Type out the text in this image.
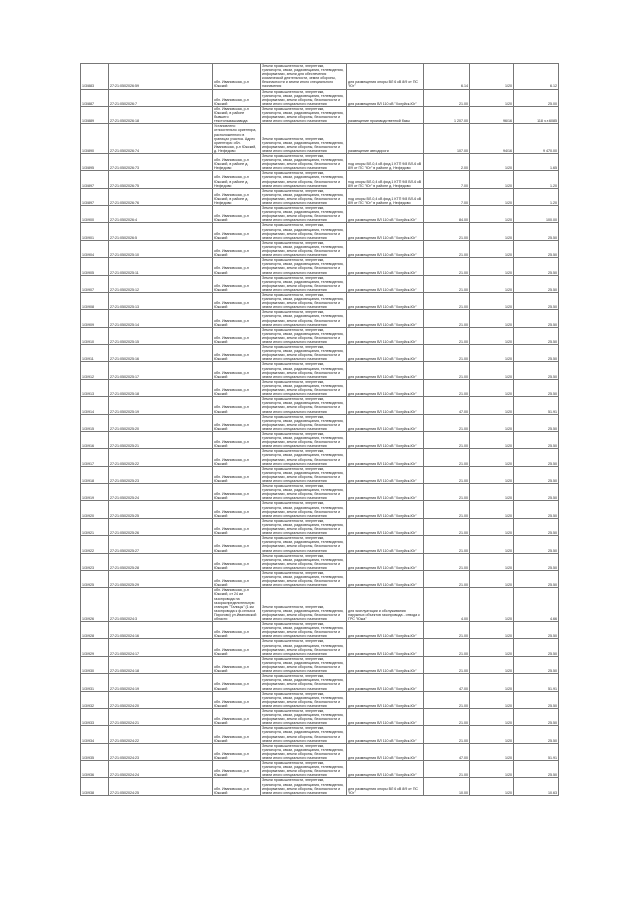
1/3/883	27:21:0502026:59	обл. Ивановская, р-н Южский	Земли промышленности, энергетики, транспорта, связи, радиовещания, телевидения, информатики, земли для обеспечения космической деятельности, земли обороны, безопасности и земли иного специального назначения	для размещения опоры ВЛ 6 кВ 8/9 от ПС "Юг"	6.14	1/20	6.12
1/3/887	27:21:0502026:7	обл. Ивановская, р-н Южский	Земли промышленности, энергетики, транспорта, связи, радиовещания, телевидения, информатики, земли обороны, безопасности и земли иного специального назначения	для размещения ВЛ 110 кВ "Холуйск-Юг"	21.00	1/20	25.00
1/3/889	27:21:0502026:18	обл. Ивановская, р-н Южский, в районе бывшего текстильмашзавода	Земли промышленности, энергетики, транспорта, связи, радиовещания, телевидения, информатики, земли обороны, безопасности и земли иного специального назначения	размещение производственной базы	1 207.00	96/16	118 ч.т.6085
1/3/890	27:21:0502026:74	Установлено относительно ориентира, расположенного в границах участка. Адрес ориентира: обл. Ивановская, р-н Южский, д. Нефедово	Земли промышленности, энергетики, транспорта, связи, радиовещания, телевидения, информатики, земли обороны, безопасности и земли иного специального назначения	размещение автодороги	107.00	94/16	9 470.00
1/3/895	27:21:0502026:73	обл. Ивановская, р-н Южский, в районе д. Нефедово	Земли промышленности, энергетики, транспорта, связи, радиовещания, телевидения, информатики, земли обороны, безопасности и земли иного специального назначения	под опоры ВЛ-0,4 кВ фид.1 КТП 9/8 ВЛ-6 кВ 8/9 от ПС "Юг" в районе д. Нефедово	2.00	1/20	1.65
1/3/897	27:21:0502026:75	обл. Ивановская, р-н Южский, в районе д. Нефедово	Земли промышленности, энергетики, транспорта, связи, радиовещания, телевидения, информатики, земли обороны, безопасности и земли иного специального назначения	под опоры ВЛ-0,4 кВ фид.1 КТП 9/8 ВЛ-6 кВ 8/9 от ПС "Юг" в районе д. Нефедово	7.00	1/20	1.20
1/3/897	27:21:0502026:76	обл. Ивановская, р-н Южский, в районе д. Нефедово	Земли промышленности, энергетики, транспорта, связи, радиовещания, телевидения, информатики, земли обороны, безопасности и земли иного специального назначения	под опоры ВЛ-0,4 кВ фид.1 КТП 9/8 ВЛ-6 кВ 8/9 от ПС "Юг" в районе д. Нефедово	7.00	1/20	1.20
1/3/900	27:21:0502026:4	обл. Ивановская, р-н Южский	Земли промышленности, энергетики, транспорта, связи, радиовещания, телевидения, информатики, земли обороны, безопасности и земли иного специального назначения	для размещения ВЛ 110 кВ "Холуйск-Юг"	84.00	1/20	100.00
1/3/901	27:21:0502026:5	обл. Ивановская, р-н Южский	Земли промышленности, энергетики, транспорта, связи, радиовещания, телевидения, информатики, земли обороны, безопасности и земли иного специального назначения	для размещения ВЛ 110 кВ "Холуйск-Юг"	21.00	1/20	25.50
1/3/904	27:21:0502025:10	обл. Ивановская, р-н Южский	Земли промышленности, энергетики, транспорта, связи, радиовещания, телевидения, информатики, земли обороны, безопасности и земли иного специального назначения	для размещения ВЛ 110 кВ "Холуйск-Юг"	21.00	1/20	25.50
1/3/905	27:21:0502025:11	обл. Ивановская, р-н Южский	Земли промышленности, энергетики, транспорта, связи, радиовещания, телевидения, информатики, земли обороны, безопасности и земли иного специального назначения	для размещения ВЛ 110 кВ "Холуйск-Юг"	21.00	1/20	25.50
1/3/907	27:21:0502025:12	обл. Ивановская, р-н Южский	Земли промышленности, энергетики, транспорта, связи, радиовещания, телевидения, информатики, земли обороны, безопасности и земли иного специального назначения	для размещения ВЛ 110 кВ "Холуйск-Юг"	21.00	1/20	25.50
1/3/908	27:21:0502025:13	обл. Ивановская, р-н Южский	Земли промышленности, энергетики, транспорта, связи, радиовещания, телевидения, информатики, земли обороны, безопасности и земли иного специального назначения	для размещения ВЛ 110 кВ "Холуйск-Юг"	21.00	1/20	25.50
1/3/909	27:21:0502025:14	обл. Ивановская, р-н Южский	Земли промышленности, энергетики, транспорта, связи, радиовещания, телевидения, информатики, земли обороны, безопасности и земли иного специального назначения	для размещения ВЛ 110 кВ "Холуйск-Юг"	21.00	1/20	25.50
1/3/910	27:21:0502025:15	обл. Ивановская, р-н Южский	Земли промышленности, энергетики, транспорта, связи, радиовещания, телевидения, информатики, земли обороны, безопасности и земли иного специального назначения	для размещения ВЛ 110 кВ "Холуйск-Юг"	21.00	1/20	25.50
1/3/911	27:21:0502025:16	обл. Ивановская, р-н Южский	Земли промышленности, энергетики, транспорта, связи, радиовещания, телевидения, информатики, земли обороны, безопасности и земли иного специального назначения	для размещения ВЛ 110 кВ "Холуйск-Юг"	21.00	1/20	25.50
1/3/912	27:21:0502025:17	обл. Ивановская, р-н Южский	Земли промышленности, энергетики, транспорта, связи, радиовещания, телевидения, информатики, земли обороны, безопасности и земли иного специального назначения	для размещения ВЛ 110 кВ "Холуйск-Юг"	21.00	1/20	25.50
1/3/913	27:21:0502025:18	обл. Ивановская, р-н Южский	Земли промышленности, энергетики, транспорта, связи, радиовещания, телевидения, информатики, земли обороны, безопасности и земли иного специального назначения	для размещения ВЛ 110 кВ "Холуйск-Юг"	21.00	1/20	25.50
1/3/914	27:21:0502025:19	обл. Ивановская, р-н Южский	Земли промышленности, энергетики, транспорта, связи, радиовещания, телевидения, информатики, земли обороны, безопасности и земли иного специального назначения	для размещения ВЛ 110 кВ "Холуйск-Юг"	47.00	1/20	51.91
1/3/915	27:21:0502025:20	обл. Ивановская, р-н Южский	Земли промышленности, энергетики, транспорта, связи, радиовещания, телевидения, информатики, земли обороны, безопасности и земли иного специального назначения	для размещения ВЛ 110 кВ "Холуйск-Юг"	21.00	1/20	25.50
1/3/916	27:21:0502025:21	обл. Ивановская, р-н Южский	Земли промышленности, энергетики, транспорта, связи, радиовещания, телевидения, информатики, земли обороны, безопасности и земли иного специального назначения	для размещения ВЛ 110 кВ "Холуйск-Юг"	21.00	1/20	25.50
1/3/917	27:21:0502025:22	обл. Ивановская, р-н Южский	Земли промышленности, энергетики, транспорта, связи, радиовещания, телевидения, информатики, земли обороны, безопасности и земли иного специального назначения	для размещения ВЛ 110 кВ "Холуйск-Юг"	21.00	1/20	25.50
1/3/918	27:21:0502025:23	обл. Ивановская, р-н Южский	Земли промышленности, энергетики, транспорта, связи, радиовещания, телевидения, информатики, земли обороны, безопасности и земли иного специального назначения	для размещения ВЛ 110 кВ "Холуйск-Юг"	21.00	1/20	25.50
1/3/919	27:21:0502025:24	обл. Ивановская, р-н Южский	Земли промышленности, энергетики, транспорта, связи, радиовещания, телевидения, информатики, земли обороны, безопасности и земли иного специального назначения	для размещения ВЛ 110 кВ "Холуйск-Юг"	21.00	1/20	25.50
1/3/920	27:21:0502025:25	обл. Ивановская, р-н Южский	Земли промышленности, энергетики, транспорта, связи, радиовещания, телевидения, информатики, земли обороны, безопасности и земли иного специального назначения	для размещения ВЛ 110 кВ "Холуйск-Юг"	21.00	1/20	25.50
1/3/921	27:21:0502025:26	обл. Ивановская, р-н Южский	Земли промышленности, энергетики, транспорта, связи, радиовещания, телевидения, информатики, земли обороны, безопасности и земли иного специального назначения	для размещения ВЛ 110 кВ "Холуйск-Юг"	21.00	1/20	25.50
1/3/922	27:21:0502025:27	обл. Ивановская, р-н Южский	Земли промышленности, энергетики, транспорта, связи, радиовещания, телевидения, информатики, земли обороны, безопасности и земли иного специального назначения	для размещения ВЛ 110 кВ "Холуйск-Юг"	21.00	1/20	25.50
1/3/923	27:21:0502025:28	обл. Ивановская, р-н Южский	Земли промышленности, энергетики, транспорта, связи, радиовещания, телевидения, информатики, земли обороны, безопасности и земли иного специального назначения	для размещения ВЛ 110 кВ "Холуйск-Юг"	21.00	1/20	25.50
1/3/925	27:21:0502025:29	обл. Ивановская, р-н Южский	Земли промышленности, энергетики, транспорта, связи, радиовещания, телевидения, информатики, земли обороны, безопасности и земли иного специального назначения	для размещения ВЛ 110 кВ "Холуйск-Юг"	21.00	1/20	25.50
1/3/926	27:21:0502024:3	обл. Ивановская, р-н Южский, от 24 км газопровода на газораспределительную станцию "Талицы" (1 км газопровода к ф.сельхоз Пирогово) ул.Ивановской области	Земли промышленности, энергетики, транспорта, связи, радиовещания, телевидения, информатики, земли обороны, безопасности и земли иного специального назначения	для эксплуатации и обслуживания наружных объектов газопровода - отвода к ГРС "Южа"	4.00	1/20	4.66
1/3/928	27:21:0502024:16	обл. Ивановская, р-н Южский	Земли промышленности, энергетики, транспорта, связи, радиовещания, телевидения, информатики, земли обороны, безопасности и земли иного специального назначения	для размещения ВЛ 110 кВ "Холуйск-Юг"	21.00	1/20	25.50
1/3/929	27:21:0502024:17	обл. Ивановская, р-н Южский	Земли промышленности, энергетики, транспорта, связи, радиовещания, телевидения, информатики, земли обороны, безопасности и земли иного специального назначения	для размещения ВЛ 110 кВ "Холуйск-Юг"	21.00	1/20	25.50
1/3/930	27:21:0502024:18	обл. Ивановская, р-н Южский	Земли промышленности, энергетики, транспорта, связи, радиовещания, телевидения, информатики, земли обороны, безопасности и земли иного специального назначения	для размещения ВЛ 110 кВ "Холуйск-Юг"	21.00	1/20	25.50
1/3/931	27:21:0502024:19	обл. Ивановская, р-н Южский	Земли промышленности, энергетики, транспорта, связи, радиовещания, телевидения, информатики, земли обороны, безопасности и земли иного специального назначения	для размещения ВЛ 110 кВ "Холуйск-Юг"	47.00	1/20	51.91
1/3/932	27:21:0502024:20	обл. Ивановская, р-н Южский	Земли промышленности, энергетики, транспорта, связи, радиовещания, телевидения, информатики, земли обороны, безопасности и земли иного специального назначения	для размещения ВЛ 110 кВ "Холуйск-Юг"	21.00	1/20	25.50
1/3/933	27:21:0502024:21	обл. Ивановская, р-н Южский	Земли промышленности, энергетики, транспорта, связи, радиовещания, телевидения, информатики, земли обороны, безопасности и земли иного специального назначения	для размещения ВЛ 110 кВ "Холуйск-Юг"	21.00	1/20	25.50
1/3/934	27:21:0502024:22	обл. Ивановская, р-н Южский	Земли промышленности, энергетики, транспорта, связи, радиовещания, телевидения, информатики, земли обороны, безопасности и земли иного специального назначения	для размещения ВЛ 110 кВ "Холуйск-Юг"	21.00	1/20	25.50
1/3/935	27:21:0502024:23	обл. Ивановская, р-н Южский	Земли промышленности, энергетики, транспорта, связи, радиовещания, телевидения, информатики, земли обороны, безопасности и земли иного специального назначения	для размещения ВЛ 110 кВ "Холуйск-Юг"	47.00	1/20	51.91
1/3/936	27:21:0502024:24	обл. Ивановская, р-н Южский	Земли промышленности, энергетики, транспорта, связи, радиовещания, телевидения, информатики, земли обороны, безопасности и земли иного специального назначения	для размещения ВЛ 110 кВ "Холуйск-Юг"	21.00	1/20	25.50
1/3/938	27:21:0502024:25	обл. Ивановская, р-н Южский	Земли промышленности, энергетики, транспорта, связи, радиовещания, телевидения, информатики, земли обороны, безопасности и земли иного специального назначения	для размещения опоры ВЛ 6 кВ 8/9 от ПС "Юг"	10.00	1/20	10.63
